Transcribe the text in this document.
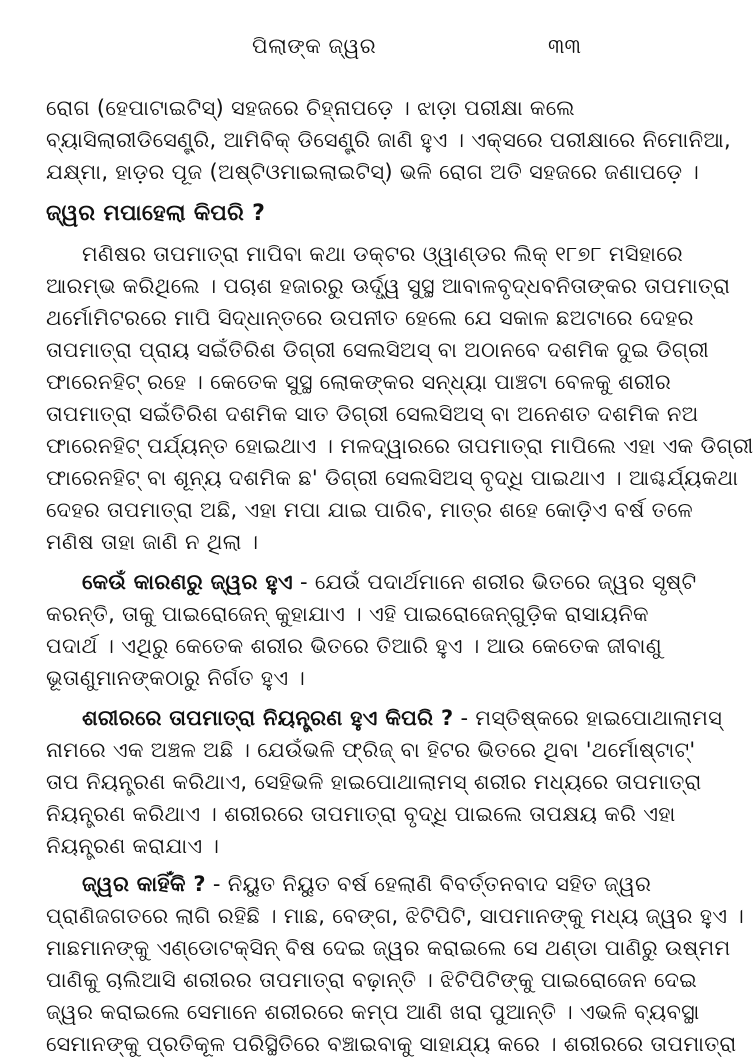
ପିଲାଙ୍କ ଜ୍ୱର	୩୩
ରୋଗ (ହେପାଟାଇଟିସ୍‌) ସହଜରେ ଚିହ୍ନାପଡ଼େ । ଝାଡ଼ା ପରୀକ୍ଷା କଲେ
ବ୍ୟାସିଲାରୀଡିସେଣ୍ଟ୍ରି, ଆମିବିକ୍ ଡିସେଣ୍ଟ୍ରି ଜାଣି ହୁଏ । ଏକ୍ସରେ ପରୀକ୍ଷାରେ ନିମୋନିଆ,
ଯକ୍ଷ୍ମା, ହାଡ଼ର ପୂଜ (ଅଷ୍ଟିଓମାଇଲାଇଟିସ୍‌) ଭଳି ରୋଗ ଅତି ସହଜରେ ଜଣାପଡ଼େ ।
ଜ୍ୱର ମପାହେଲା କିପରି ?
ମଣିଷର ତାପମାତ୍ରା ମାପିବା କଥା ଡକ୍ଟର ଓ୍ୱାଣ୍ଡର ଲିକ୍ ୧୮୭୮ ମସିହାରେ
ଆରମ୍ଭ କରିଥିଲେ । ପଚାଶ ହଜାରରୁ ଊର୍ଦ୍ଧ୍ୱ ସୁସ୍ଥ ଆବାଳବୃଦ୍ଧବନିତାଙ୍କର ତାପମାତ୍ରା
ଥର୍ମୋମିଟରରେ ମାପି ସିଦ୍ଧାନ୍ତରେ ଉପନୀତ ହେଲେ ଯେ ସକାଳ ଛଅଟାରେ ଦେହର
ତାପମାତ୍ରା ପ୍ରାୟ ସଇଁତିରିଶ ଡିଗ୍ରୀ ସେଲସିଅସ୍ ବା ଅଠାନବେ ଦଶମିକ ଦୁଇ ଡିଗ୍ରୀ
ଫାରେନହିଟ୍ ରହେ । କେତେକ ସୁସ୍ଥ ଲୋକଙ୍କର ସନ୍ଧ୍ୟା ପାଞ୍ଚଟା ବେଳକୁ ଶରୀର
ତାପମାତ୍ରା ସଇଁତିରିଶ ଦଶମିକ ସାତ ଡିଗ୍ରୀ ସେଲସିଅସ୍ ବା ଅନେଶତ ଦଶମିକ ନଅ
ଫାରେନହିଟ୍ ପର୍ଯ୍ୟନ୍ତ ହୋଇଥାଏ । ମଳଦ୍ୱାରରେ ତାପମାତ୍ରା ମାପିଲେ ଏହା ଏକ ଡିଗ୍ରୀ
ଫାରେନହିଟ୍ ବା ଶୂନ୍ୟ ଦଶମିକ ଛ' ଡିଗ୍ରୀ ସେଲସିଅସ୍ ବୃଦ୍ଧି ପାଇଥାଏ । ଆଶ୍ଚର୍ଯ୍ୟକଥା
ଦେହର ତାପମାତ୍ରା ଅଛି, ଏହା ମପା ଯାଇ ପାରିବ, ମାତ୍ର ଶହେ କୋଡ଼ିଏ ବର୍ଷ ତଳେ
ମଣିଷ ତାହା ଜାଣି ନ ଥିଲା ।
କେଉଁ କାରଣରୁ ଜ୍ୱର ହୁଏ - ଯେଉଁ ପଦାର୍ଥମାନେ ଶରୀର ଭିତରେ ଜ୍ୱର ସୃଷ୍ଟି
କରନ୍ତି, ତାକୁ ପାଇରୋଜେନ୍ କୁହାଯାଏ । ଏହି ପାଇରୋଜେନ୍‌ଗୁଡ଼ିକ ରାସାୟନିକ
ପଦାର୍ଥ । ଏଥିରୁ କେତେକ ଶରୀର ଭିତରେ ତିଆରି ହୁଏ । ଆଉ କେତେକ ଜୀବାଣୁ
ଭୂତାଣୁମାନଙ୍କଠାରୁ ନିର୍ଗତ ହୁଏ ।
ଶରୀରରେ ତାପମାତ୍ରା ନିୟନ୍ତ୍ରଣ ହୁଏ କିପରି ? - ମସ୍ତିଷ୍କରେ ହାଇପୋଥାଲାମସ୍
ନାମରେ ଏକ ଅଞ୍ଚଳ ଅଛି । ଯେଉଁଭଳି ଫ୍ରିଜ୍ ବା ହିଟର ଭିତରେ ଥିବା 'ଥର୍ମୋଷ୍ଟାଟ୍'
ତାପ ନିୟନ୍ତ୍ରଣ କରିଥାଏ, ସେହିଭଳି ହାଇପୋଥାଲାମସ୍ ଶରୀର ମଧ୍ୟରେ ତାପମାତ୍ରା
ନିୟନ୍ତ୍ରଣ କରିଥାଏ । ଶରୀରରେ ତାପମାତ୍ରା ବୃଦ୍ଧି ପାଇଲେ ତାପକ୍ଷୟ କରି ଏହା
ନିୟନ୍ତ୍ରଣ କରାଯାଏ ।
ଜ୍ୱର କାହିଁକି ? - ନିୟୁତ ନିୟୁତ ବର୍ଷ ହେଲାଣି ବିବର୍ତ୍ତନବାଦ ସହିତ ଜ୍ୱର
ପ୍ରାଣିଜଗତରେ ଲାଗି ରହିଛି । ମାଛ, ବେଙ୍ଗ, ଝିଟିପିଟି, ସାପମାନଙ୍କୁ ମଧ୍ୟ ଜ୍ୱର ହୁଏ ।
ମାଛମାନଙ୍କୁ ଏଣ୍ଡୋଟକ୍ସିନ୍ ବିଷ ଦେଇ ଜ୍ୱର କରାଇଲେ ସେ ଥଣ୍ଡା ପାଣିରୁ ଉଷ୍ମମ
ପାଣିକୁ ଚାଲିଆସି ଶରୀରର ତାପମାତ୍ରା ବଢ଼ାନ୍ତି । ଝିଟିପିଟିଙ୍କୁ ପାଇରୋଜେନ ଦେଇ
ଜ୍ୱର କରାଇଲେ ସେମାନେ ଶରୀରରେ କମ୍ପ ଆଣି ଖରା ପୁଆନ୍ତି । ଏଭଳି ବ୍ୟବସ୍ଥା
ସେମାନଙ୍କୁ ପ୍ରତିକୂଳ ପରିସ୍ଥିତିରେ ବଞ୍ଚାଇବାକୁ ସାହାଯ୍ୟ କରେ । ଶରୀରରେ ତାପମାତ୍ରା
